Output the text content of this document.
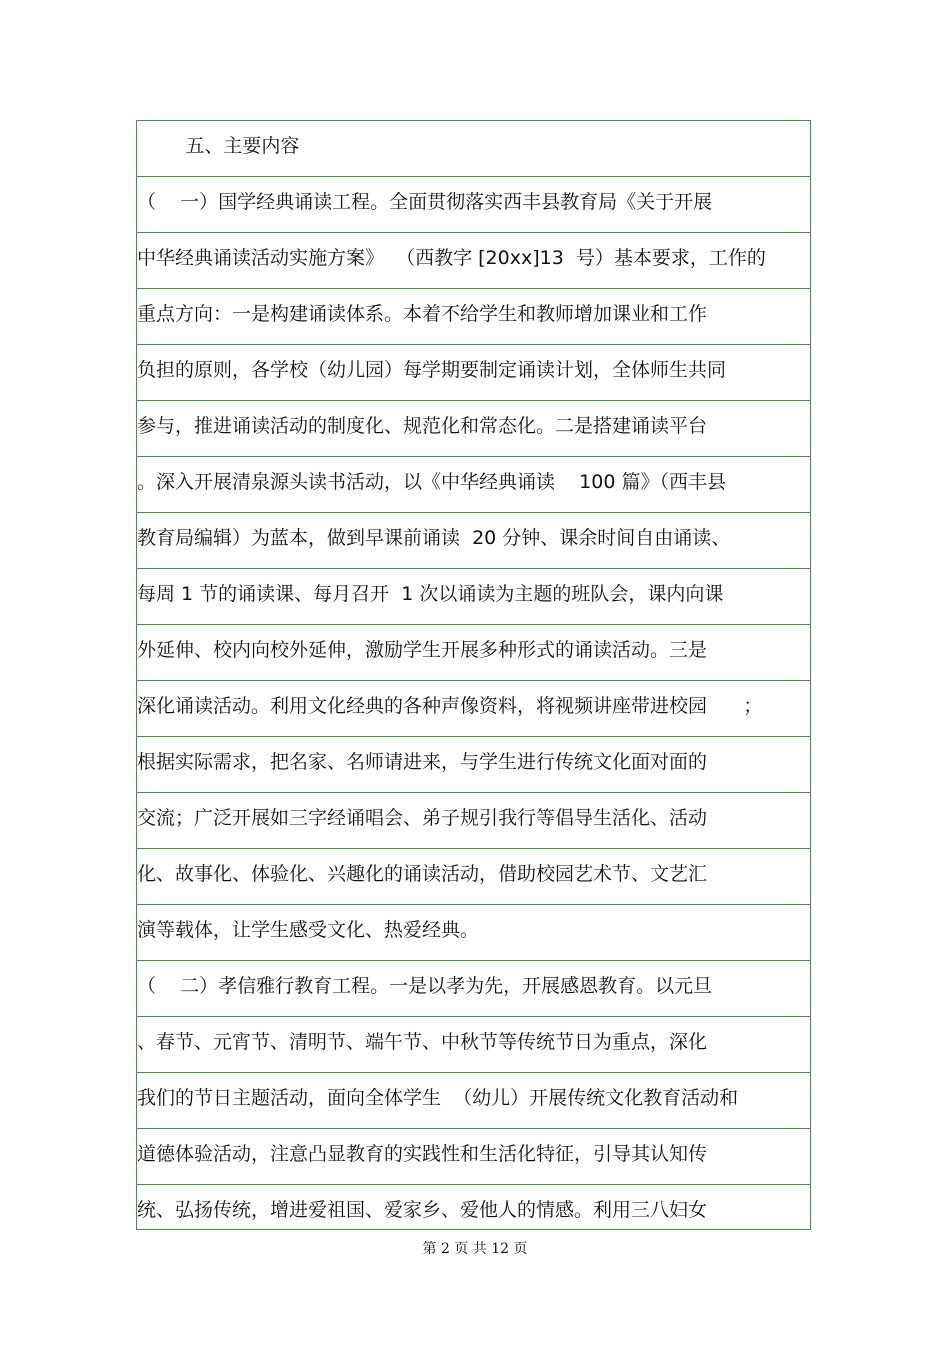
五、主要内容
（    一）国学经典诵读工程。全面贯彻落实西丰县教育局《关于开展
中华经典诵读活动实施方案》  （西教字 [20xx]13  号）基本要求，工作的
重点方向：一是构建诵读体系。本着不给学生和教师增加课业和工作
负担的原则，各学校（幼儿园）每学期要制定诵读计划，全体师生共同
参与，推进诵读活动的制度化、规范化和常态化。二是搭建诵读平台
。深入开展清泉源头读书活动，以《中华经典诵读    100 篇》（西丰县
教育局编辑）为蓝本，做到早课前诵读  20 分钟、课余时间自由诵读、
每周 1 节的诵读课、每月召开  1 次以诵读为主题的班队会，课内向课
外延伸、校内向校外延伸，激励学生开展多种形式的诵读活动。三是
深化诵读活动。利用文化经典的各种声像资料，将视频讲座带进校园      ；
根据实际需求，把名家、名师请进来，与学生进行传统文化面对面的
交流；广泛开展如三字经诵唱会、弟子规引我行等倡导生活化、活动
化、故事化、体验化、兴趣化的诵读活动，借助校园艺术节、文艺汇
演等载体，让学生感受文化、热爱经典。
（    二）孝信雅行教育工程。一是以孝为先，开展感恩教育。以元旦
、春节、元宵节、清明节、端午节、中秋节等传统节日为重点，深化
我们的节日主题活动，面向全体学生  （幼儿）开展传统文化教育活动和
道德体验活动，注意凸显教育的实践性和生活化特征，引导其认知传
统、弘扬传统，增进爱祖国、爱家乡、爱他人的情感。利用三八妇女
第 2 页 共 12 页
